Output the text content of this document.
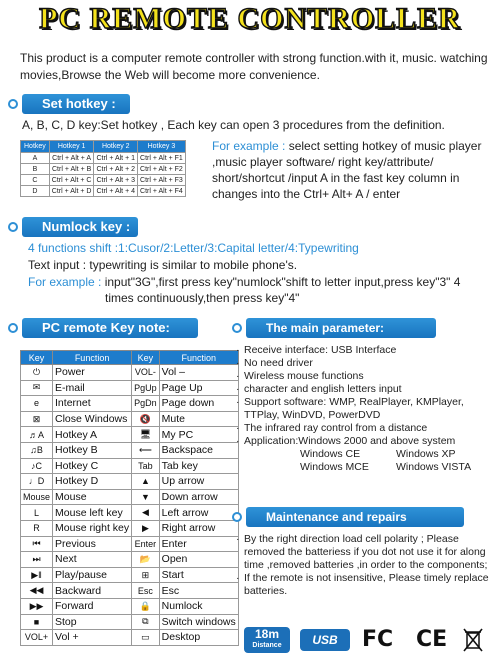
PC REMOTE CONTROLLER
This product is a computer remote controller with strong function.with it, music. watching movies,Browse the Web will become more convenience.
Set hotkey :
A, B, C, D key:Set hotkey , Each key can open 3 procedures from the definition.
Hotkey	Hotkey 1	Hotkey 2	Hotkey 3
A	Ctrl + Alt + A	Ctrl + Alt + 1	Ctrl + Alt + F1
B	Ctrl + Alt + B	Ctrl + Alt + 2	Ctrl + Alt + F2
C	Ctrl + Alt + C	Ctrl + Alt + 3	Ctrl + Alt + F3
D	Ctrl + Alt + D	Ctrl + Alt + 4	Ctrl + Alt + F4
For example : select setting hotkey of music player ,music player software/ right key/attribute/ short/shortcut /input A in the fast key column in changes into the Ctrl+ Alt+ A / enter
Numlock key :
4 functions shift :1:Cusor/2:Letter/3:Capital letter/4:Typewriting
Text input : typewriting is similar to mobile phone's.
For example : input"3G",first press key"numlock"shift to letter input,press key"3" 4
times continuously,then press key"4"
PC remote Key note:
Key	Function	Key	Function
⏻	Power	VOL-	Vol –
✉	E-mail	PgUp	Page Up
e	Internet	PgDn	Page down
⊠	Close Windows	🔇	Mute
♬A	Hotkey A	🖥	My PC
♫B	Hotkey B	⟵	Backspace
♪C	Hotkey C	Tab	Tab key
♩D	Hotkey D	▲	Up arrow
Mouse	Mouse	▼	Down arrow
L	Mouse left key	◀	Left arrow
R	Mouse right key	▶	Right arrow
⏮	Previous	Enter	Enter
⏭	Next	📂	Open
▶‖	Play/pause	⊞	Start
◀◀	Backward	Esc	Esc
▶▶	Forward	🔒	Numlock
■	Stop	⧉	Switch windows
VOL+	Vol +	▭	Desktop
The main parameter:
· Receive interface: USB Interface
· No need driver
· Wireless mouse functions
· character and english letters input
· Support software: WMP, RealPlayer, KMPlayer, TTPlay, WinDVD, PowerDVD
· The infrared ray control from a distance
· Application:Windows 2000 and above system
Windows CE	Windows XP
Windows MCE	Windows VISTA
Maintenance and repairs
· By the right direction load cell polarity ; Please removed the batteriess if you dot not use it for along time ,removed batteries ,in order to the components;
· If the remote is not insensitive, Please timely replace batteries.
18m
Distance	USB	FC CE
